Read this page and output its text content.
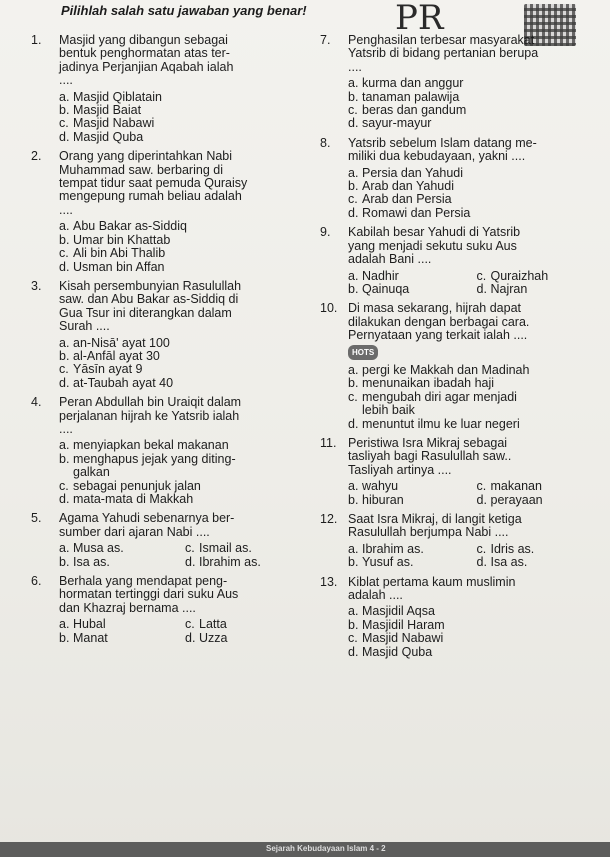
Pilihlah salah satu jawaban yang benar!	PR
1. Masjid yang dibangun sebagai
bentuk penghormatan atas ter-
jadinya Perjanjian Aqabah ialah
....
a. Masjid Qiblatain
b. Masjid Baiat
c. Masjid Nabawi
d. Masjid Quba
2. Orang yang diperintahkan Nabi
Muhammad saw. berbaring di
tempat tidur saat pemuda Quraisy
mengepung rumah beliau adalah
....
a. Abu Bakar as-Siddiq
b. Umar bin Khattab
c. Ali bin Abi Thalib
d. Usman bin Affan
3. Kisah persembunyian Rasulullah
saw. dan Abu Bakar as-Siddiq di
Gua Tsur ini diterangkan dalam
Surah ....
a. an-Nisā' ayat 100
b. al-Anfāl ayat 30
c. Yāsīn ayat 9
d. at-Taubah ayat 40
4. Peran Abdullah bin Uraiqit dalam
perjalanan hijrah ke Yatsrib ialah
....
a. menyiapkan bekal makanan
b. menghapus jejak yang diting-
galkan
c. sebagai penunjuk jalan
d. mata-mata di Makkah
5. Agama Yahudi sebenarnya ber-
sumber dari ajaran Nabi ....
a. Musa as.	c. Ismail as.
b. Isa as.	d. Ibrahim as.
6. Berhala yang mendapat peng-
hormatan tertinggi dari suku Aus
dan Khazraj bernama ....
a. Hubal	c. Latta
b. Manat	d. Uzza
7. Penghasilan terbesar masyarakat
Yatsrib di bidang pertanian berupa
....
a. kurma dan anggur
b. tanaman palawija
c. beras dan gandum
d. sayur-mayur
8. Yatsrib sebelum Islam datang me-
miliki dua kebudayaan, yakni ....
a. Persia dan Yahudi
b. Arab dan Yahudi
c. Arab dan Persia
d. Romawi dan Persia
9. Kabilah besar Yahudi di Yatsrib
yang menjadi sekutu suku Aus
adalah Bani ....
a. Nadhir	c. Quraizhah
b. Qainuqa	d. Najran
10. Di masa sekarang, hijrah dapat
dilakukan dengan berbagai cara.
Pernyataan yang terkait ialah ....
HOTS
a. pergi ke Makkah dan Madinah
b. menunaikan ibadah haji
c. mengubah diri agar menjadi
lebih baik
d. menuntut ilmu ke luar negeri
11. Peristiwa Isra Mikraj sebagai
tasliyah bagi Rasulullah saw..
Tasliyah artinya ....
a. wahyu	c. makanan
b. hiburan	d. perayaan
12. Saat Isra Mikraj, di langit ketiga
Rasulullah berjumpa Nabi ....
a. Ibrahim as.	c. Idris as.
b. Yusuf as.	d. Isa as.
13. Kiblat pertama kaum muslimin
adalah ....
a. Masjidil Aqsa
b. Masjidil Haram
c. Masjid Nabawi
d. Masjid Quba
Sejarah Kebudayaan Islam 4 - 2
